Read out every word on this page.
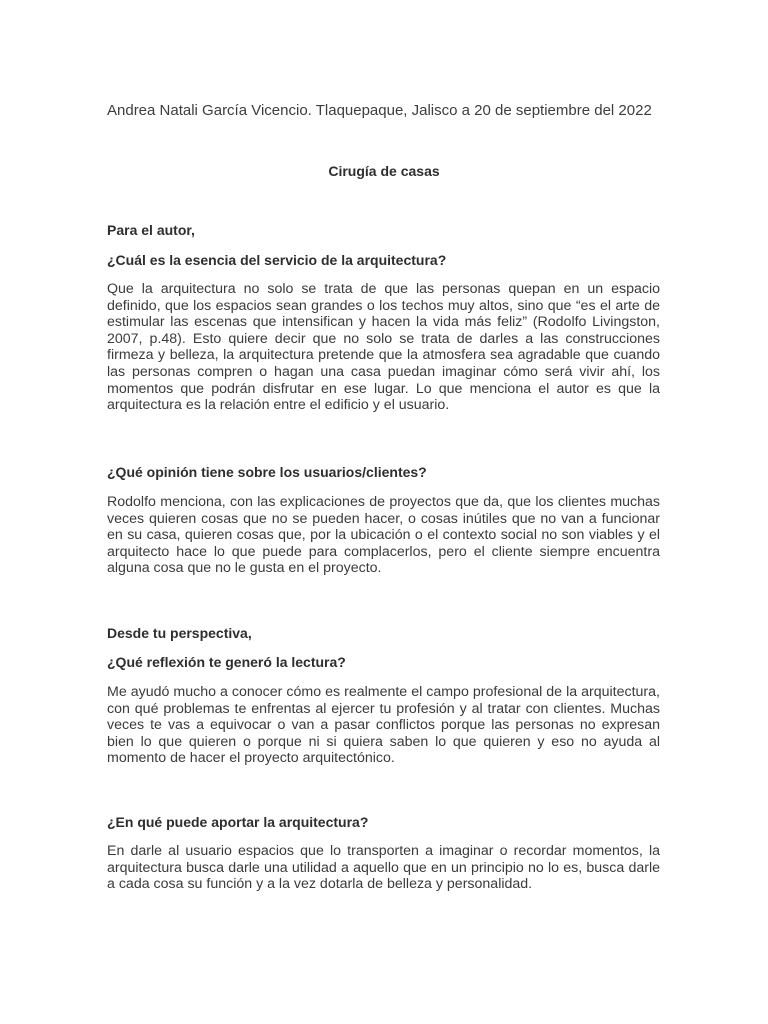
Andrea Natali García Vicencio. Tlaquepaque, Jalisco a 20 de septiembre del 2022
Cirugía de casas

Para el autor,

¿Cuál es la esencia del servicio de la arquitectura?

Que la arquitectura no solo se trata de que las personas quepan en un espacio definido, que los espacios sean grandes o los techos muy altos, sino que “es el arte de estimular las escenas que intensifican y hacen la vida más feliz” (Rodolfo Livingston, 2007, p.48). Esto quiere decir que no solo se trata de darles a las construcciones firmeza y belleza, la arquitectura pretende que la atmosfera sea agradable que cuando las personas compren o hagan una casa puedan imaginar cómo será vivir ahí, los momentos que podrán disfrutar en ese lugar. Lo que menciona el autor es que la arquitectura es la relación entre el edificio y el usuario.

¿Qué opinión tiene sobre los usuarios/clientes?

Rodolfo menciona, con las explicaciones de proyectos que da, que los clientes muchas veces quieren cosas que no se pueden hacer, o cosas inútiles que no van a funcionar en su casa, quieren cosas que, por la ubicación o el contexto social no son viables y el arquitecto hace lo que puede para complacerlos, pero el cliente siempre encuentra alguna cosa que no le gusta en el proyecto.

Desde tu perspectiva,

¿Qué reflexión te generó la lectura?

Me ayudó mucho a conocer cómo es realmente el campo profesional de la arquitectura, con qué problemas te enfrentas al ejercer tu profesión y al tratar con clientes. Muchas veces te vas a equivocar o van a pasar conflictos porque las personas no expresan bien lo que quieren o porque ni si quiera saben lo que quieren y eso no ayuda al momento de hacer el proyecto arquitectónico.

¿En qué puede aportar la arquitectura?

En darle al usuario espacios que lo transporten a imaginar o recordar momentos, la arquitectura busca darle una utilidad a aquello que en un principio no lo es, busca darle a cada cosa su función y a la vez dotarla de belleza y personalidad.
